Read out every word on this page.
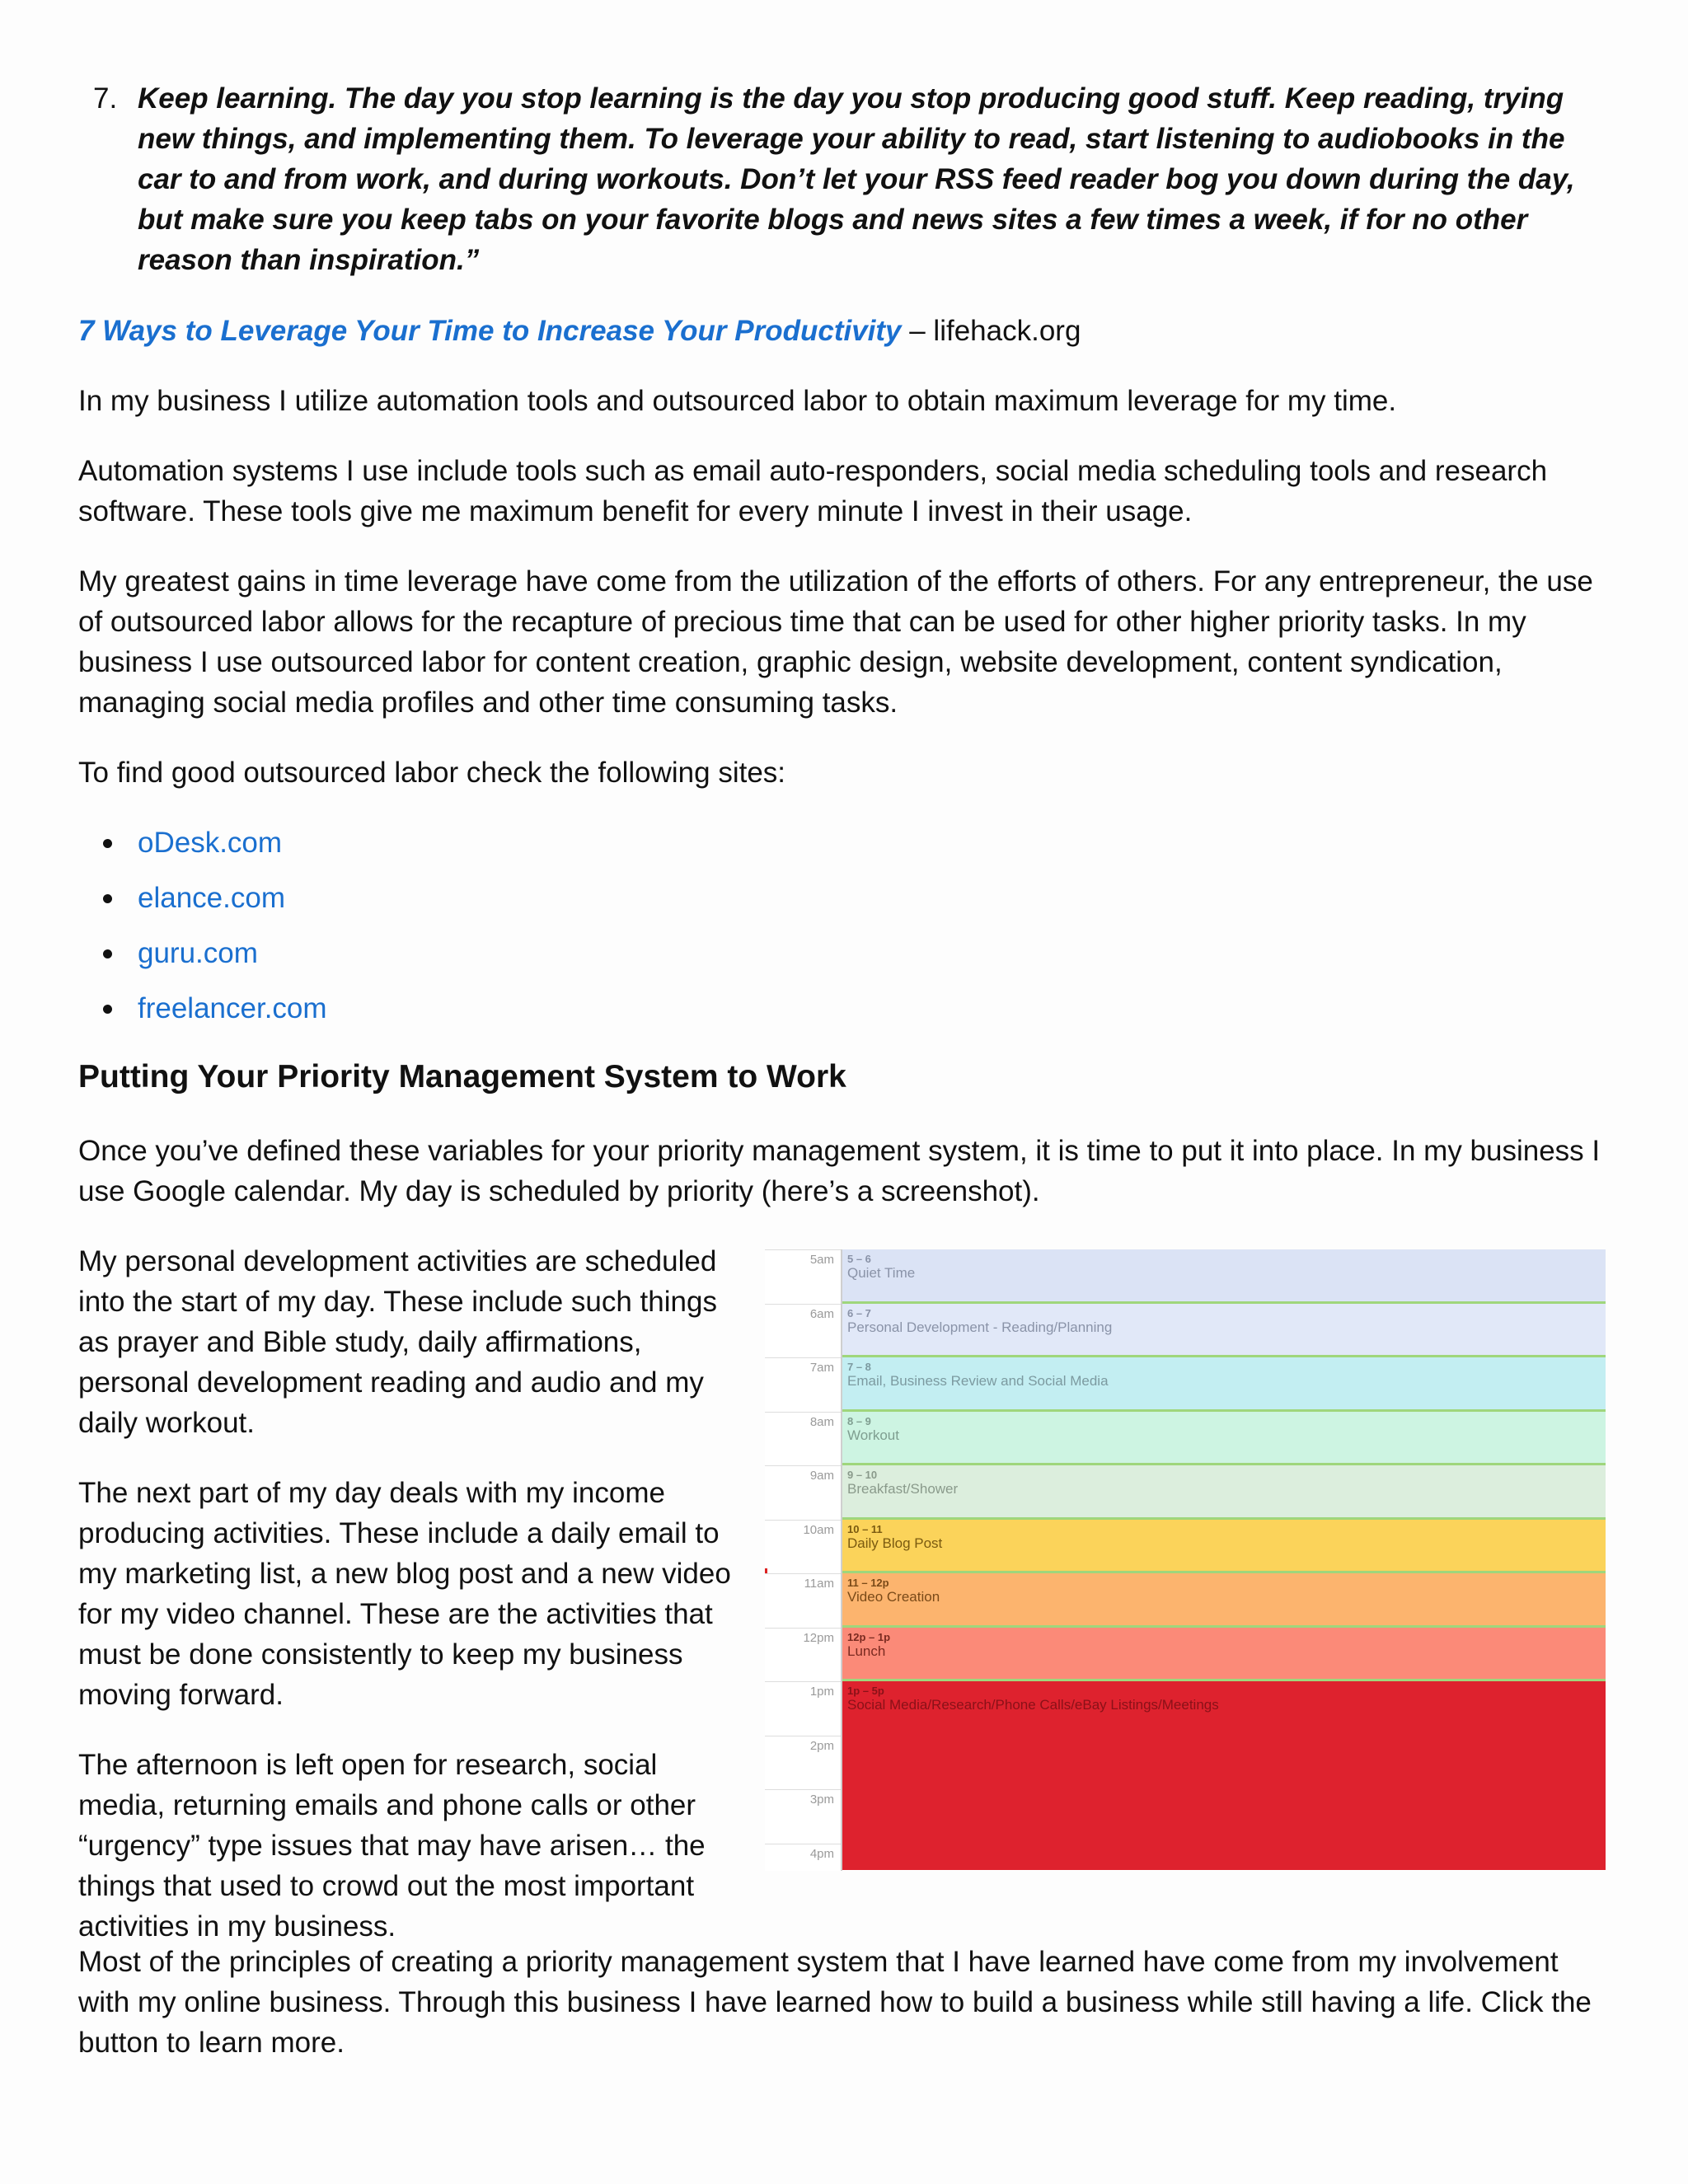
7. Keep learning. The day you stop learning is the day you stop producing good stuff. Keep reading, trying new things, and implementing them. To leverage your ability to read, start listening to audiobooks in the car to and from work, and during workouts. Don’t let your RSS feed reader bog you down during the day, but make sure you keep tabs on your favorite blogs and news sites a few times a week, if for no other reason than inspiration.”

7 Ways to Leverage Your Time to Increase Your Productivity – lifehack.org

In my business I utilize automation tools and outsourced labor to obtain maximum leverage for my time.

Automation systems I use include tools such as email auto-responders, social media scheduling tools and research software. These tools give me maximum benefit for every minute I invest in their usage.

My greatest gains in time leverage have come from the utilization of the efforts of others. For any entrepreneur, the use of outsourced labor allows for the recapture of precious time that can be used for other higher priority tasks. In my business I use outsourced labor for content creation, graphic design, website development, content syndication, managing social media profiles and other time consuming tasks.

To find good outsourced labor check the following sites:

oDesk.com
elance.com
guru.com
freelancer.com
Putting Your Priority Management System to Work

Once you’ve defined these variables for your priority management system, it is time to put it into place. In my business I use Google calendar. My day is scheduled by priority (here’s a screenshot).

My personal development activities are scheduled into the start of my day. These include such things as prayer and Bible study, daily affirmations, personal development reading and audio and my daily workout.

The next part of my day deals with my income producing activities. These include a daily email to my marketing list, a new blog post and a new video for my video channel. These are the activities that must be done consistently to keep my business moving forward.

The afternoon is left open for research, social media, returning emails and phone calls or other “urgency” type issues that may have arisen… the things that used to crowd out the most important activities in my business.

5am
6am
7am
8am
9am
10am
11am
12pm
1pm
2pm
3pm
4pm
5 – 6
Quiet Time
6 – 7
Personal Development - Reading/Planning
7 – 8
Email, Business Review and Social Media
8 – 9
Workout
9 – 10
Breakfast/Shower
10 – 11
Daily Blog Post
11 – 12p
Video Creation
12p – 1p
Lunch
1p – 5p
Social Media/Research/Phone Calls/eBay Listings/Meetings

Most of the principles of creating a priority management system that I have learned have come from my involvement with my online business. Through this business I have learned how to build a business while still having a life. Click the button to learn more.
